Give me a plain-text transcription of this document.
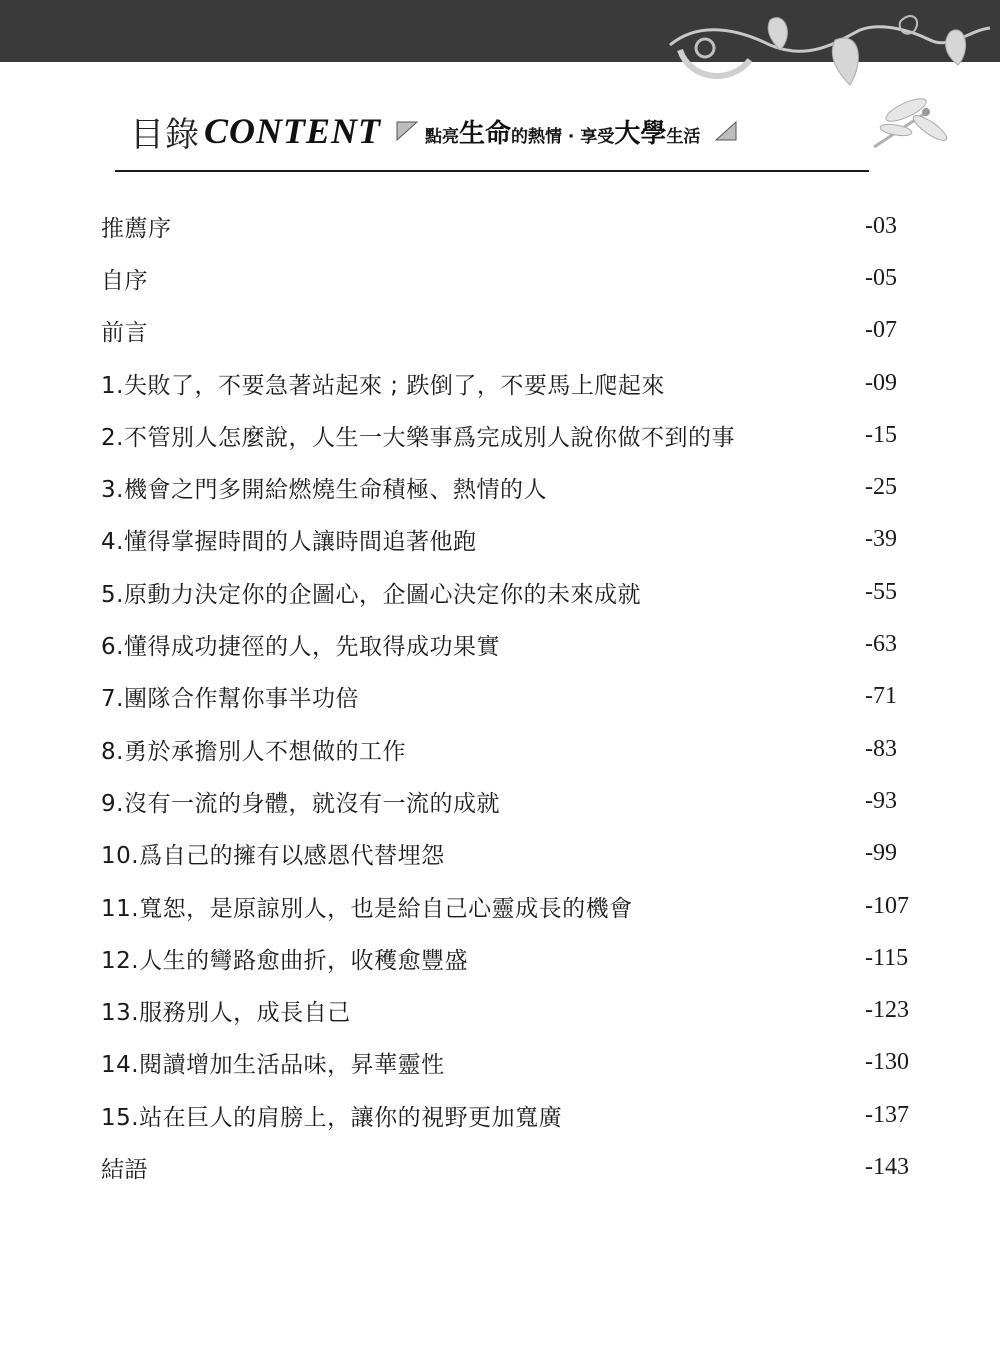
目錄 CONTENT	點亮 生命 的熱情 · 享受 大學 生活
推薦序	-03
自序	-05
前言	-07
1.失敗了，不要急著站起來 ; 跌倒了，不要馬上爬起來	-09
2.不管別人怎麼說，人生一大樂事爲完成別人說你做不到的事	-15
3.機會之門多開給燃燒生命積極、熱情的人	-25
4.懂得掌握時間的人讓時間追著他跑	-39
5.原動力決定你的企圖心，企圖心決定你的未來成就	-55
6.懂得成功捷徑的人，先取得成功果實	-63
7.團隊合作幫你事半功倍	-71
8.勇於承擔別人不想做的工作	-83
9.沒有一流的身體，就沒有一流的成就	-93
10.爲自己的擁有以感恩代替埋怨	-99
11.寬恕，是原諒別人，也是給自己心靈成長的機會	-107
12.人生的彎路愈曲折，收穫愈豐盛	-115
13.服務別人，成長自己	-123
14.閱讀增加生活品味，昇華靈性	-130
15.站在巨人的肩膀上，讓你的視野更加寬廣	-137
結語	-143
